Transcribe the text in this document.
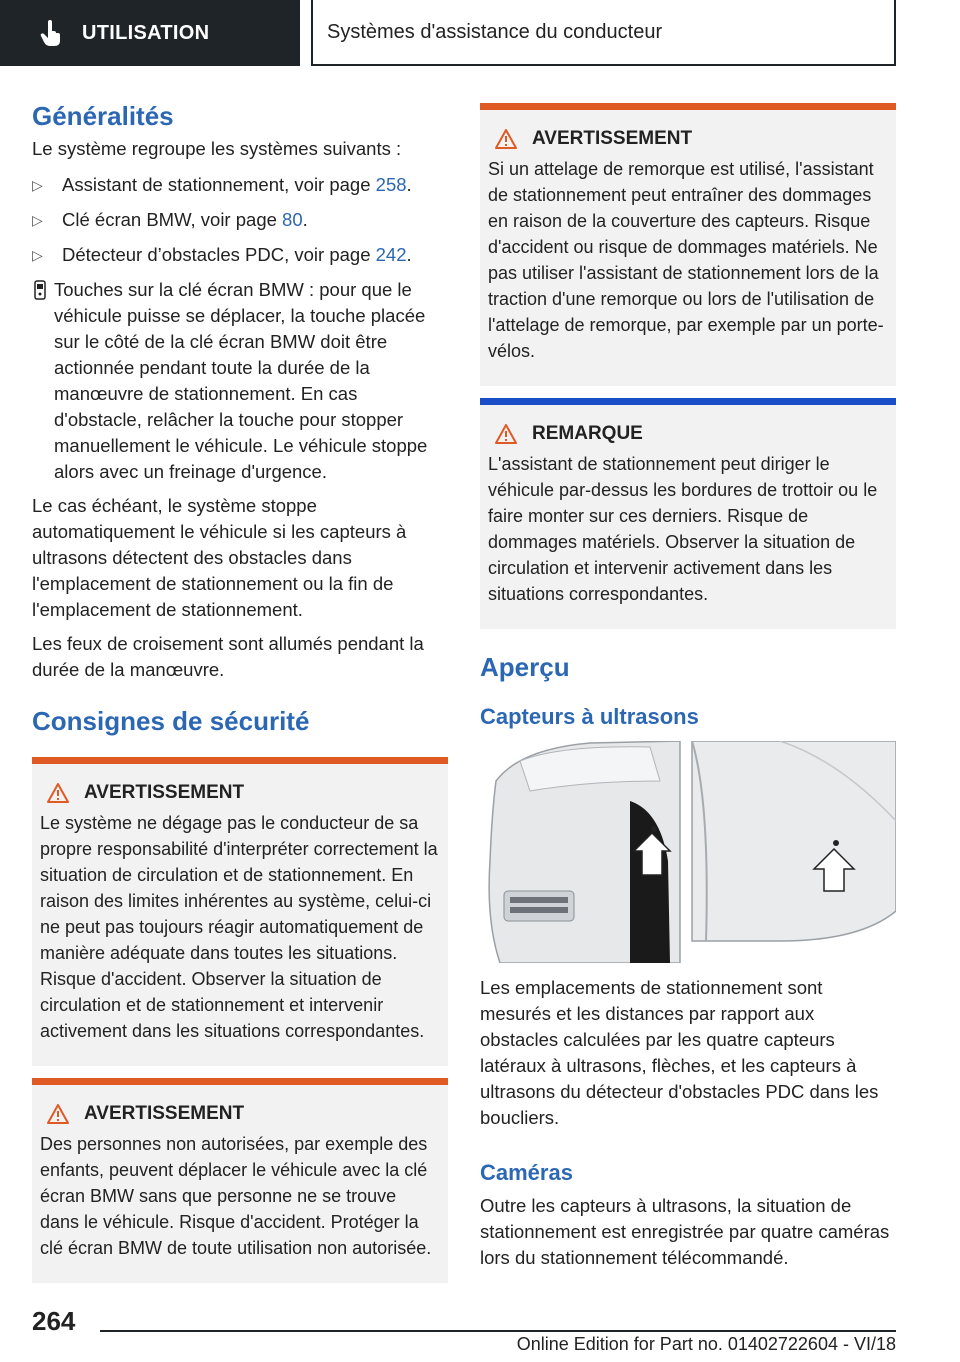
UTILISATION	Systèmes d'assistance du conducteur
Généralités

Le système regroupe les systèmes suivants :

▷ Assistant de stationnement, voir page 258.
▷ Clé écran BMW, voir page 80.
▷ Détecteur d’obstacles PDC, voir page 242.

Touches sur la clé écran BMW : pour que le véhicule puisse se déplacer, la touche placée sur le côté de la clé écran BMW doit être actionnée pendant toute la durée de la manœuvre de stationnement. En cas d'obstacle, relâcher la touche pour stopper manuellement le véhicule. Le véhicule stoppe alors avec un freinage d'urgence.

Le cas échéant, le système stoppe automatiquement le véhicule si les capteurs à ultrasons détectent des obstacles dans l'emplacement de stationnement ou la fin de l'emplacement de stationnement.

Les feux de croisement sont allumés pendant la durée de la manœuvre.

Consignes de sécurité
AVERTISSEMENT

Le système ne dégage pas le conducteur de sa propre responsabilité d'interpréter correctement la situation de circulation et de stationnement. En raison des limites inhérentes au système, celui-ci ne peut pas toujours réagir automatiquement de manière adéquate dans toutes les situations. Risque d'accident. Observer la situation de circulation et de stationnement et intervenir activement dans les situations correspondantes.

AVERTISSEMENT

Des personnes non autorisées, par exemple des enfants, peuvent déplacer le véhicule avec la clé écran BMW sans que personne ne se trouve dans le véhicule. Risque d'accident. Protéger la clé écran BMW de toute utilisation non autorisée.

AVERTISSEMENT

Si un attelage de remorque est utilisé, l'assistant de stationnement peut entraîner des dommages en raison de la couverture des capteurs. Risque d'accident ou risque de dommages matériels. Ne pas utiliser l'assistant de stationnement lors de la traction d'une remorque ou lors de l'utilisation de l'attelage de remorque, par exemple par un porte-vélos.

REMARQUE

L'assistant de stationnement peut diriger le véhicule par-dessus les bordures de trottoir ou le faire monter sur ces derniers. Risque de dommages matériels. Observer la situation de circulation et intervenir activement dans les situations correspondantes.

Aperçu
Capteurs à ultrasons

Les emplacements de stationnement sont mesurés et les distances par rapport aux obstacles calculées par les quatre capteurs latéraux à ultrasons, flèches, et les capteurs à ultrasons du détecteur d'obstacles PDC dans les boucliers.

Caméras

Outre les capteurs à ultrasons, la situation de stationnement est enregistrée par quatre caméras lors du stationnement télécommandé.

264
Online Edition for Part no. 01402722604 - VI/18
